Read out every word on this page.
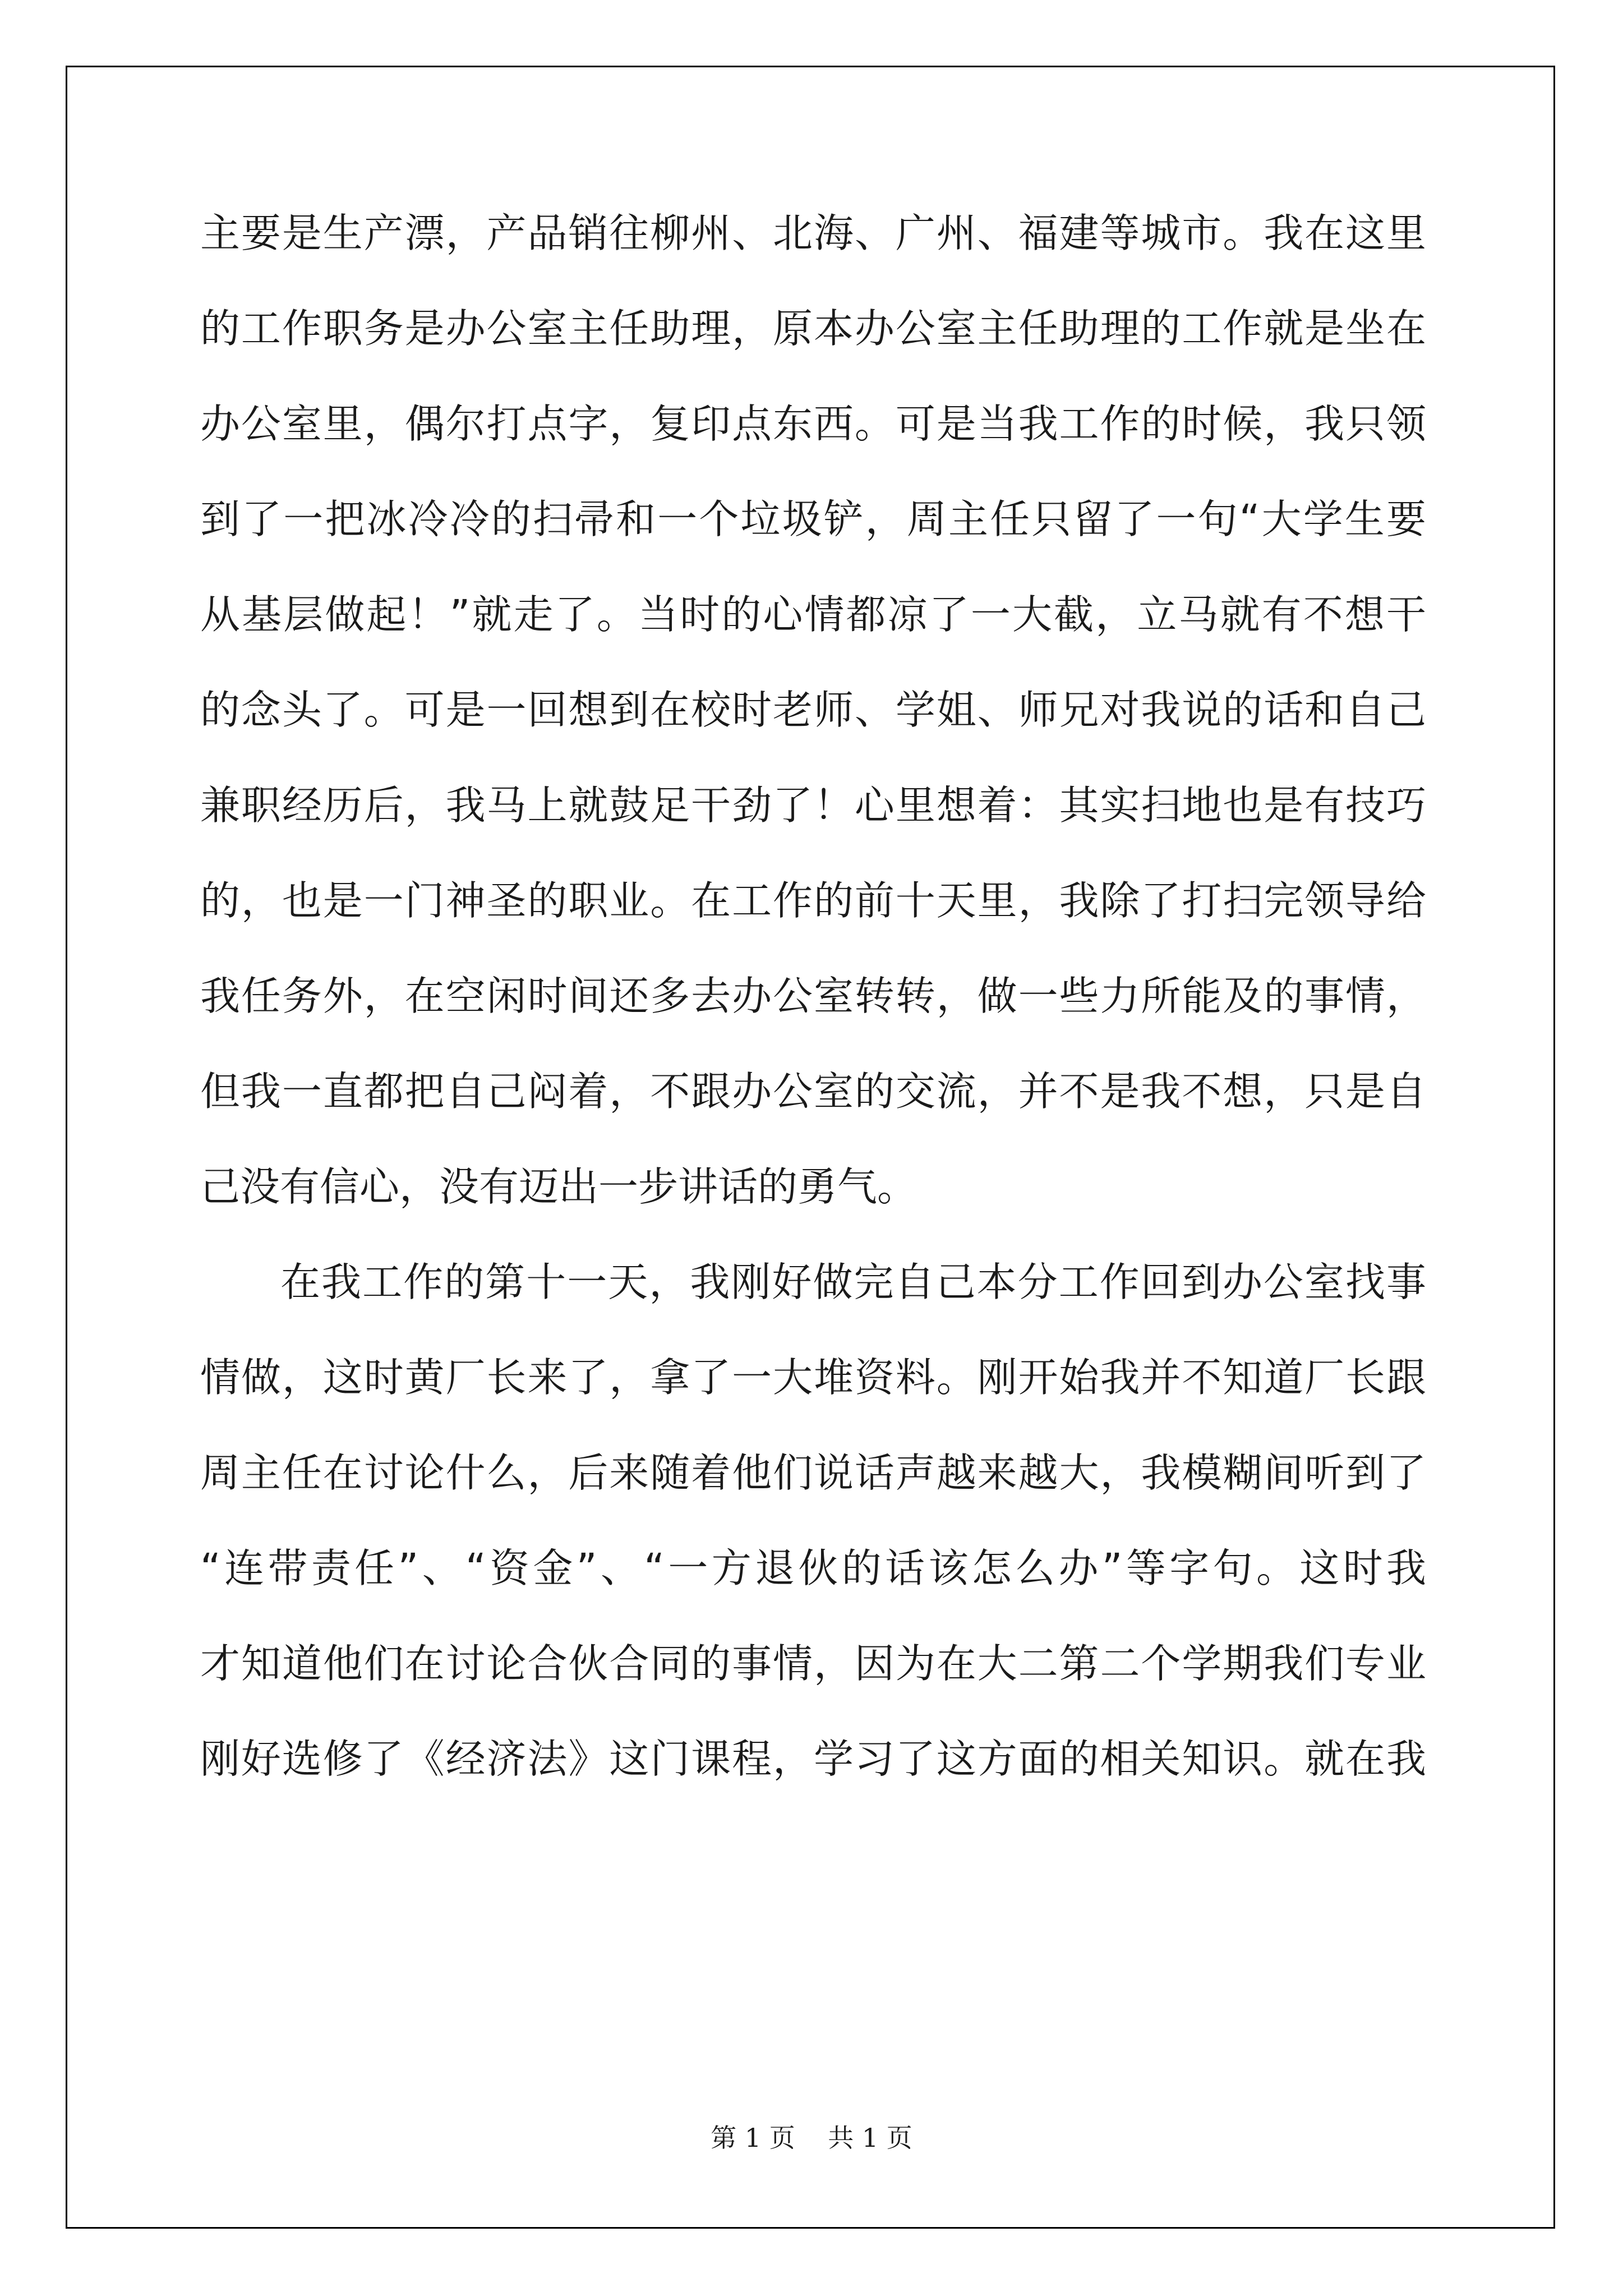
主要是生产漂，产品销往柳州、北海、广州、福建等城市。我在这里
的工作职务是办公室主任助理，原本办公室主任助理的工作就是坐在
办公室里，偶尔打点字，复印点东西。可是当我工作的时候，我只领
到了一把冰冷冷的扫帚和一个垃圾铲，周主任只留了一句“大学生要
从基层做起！”就走了。当时的心情都凉了一大截，立马就有不想干
的念头了。可是一回想到在校时老师、学姐、师兄对我说的话和自己
兼职经历后，我马上就鼓足干劲了！心里想着：其实扫地也是有技巧
的，也是一门神圣的职业。在工作的前十天里，我除了打扫完领导给
我任务外，在空闲时间还多去办公室转转，做一些力所能及的事情，
但我一直都把自己闷着，不跟办公室的交流，并不是我不想，只是自
己没有信心，没有迈出一步讲话的勇气。
在我工作的第十一天，我刚好做完自己本分工作回到办公室找事
情做，这时黄厂长来了，拿了一大堆资料。刚开始我并不知道厂长跟
周主任在讨论什么，后来随着他们说话声越来越大，我模糊间听到了
“连带责任”、“资金”、“一方退伙的话该怎么办”等字句。这时我
才知道他们在讨论合伙合同的事情，因为在大二第二个学期我们专业
刚好选修了《经济法》这门课程，学习了这方面的相关知识。就在我
第 1 页    共 1 页
